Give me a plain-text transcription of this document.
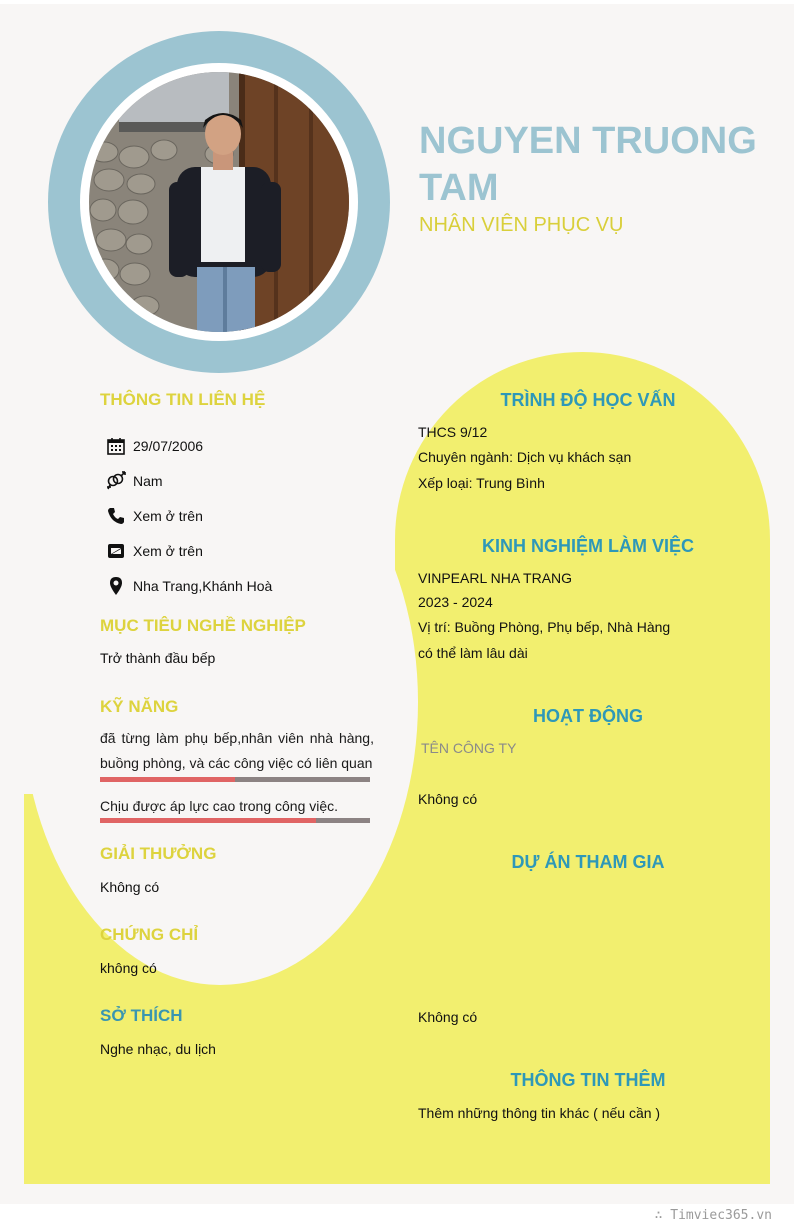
NGUYEN TRUONG TAM

NHÂN VIÊN PHỤC VỤ

THÔNG TIN LIÊN HỆ
29/07/2006
Nam
Xem ở trên
Xem ở trên
Nha Trang,Khánh Hoà
MỤC TIÊU NGHỀ NGHIỆP

Trở thành đầu bếp

KỸ NĂNG

đã từng làm phụ bếp,nhân viên nhà hàng, buồng phòng, và các công việc có liên quan

Chịu được áp lực cao trong công việc.

GIẢI THƯỞNG

Không có

CHỨNG CHỈ

không có

SỞ THÍCH

Nghe nhạc, du lịch

TRÌNH ĐỘ HỌC VẤN

THCS 9/12

Chuyên ngành: Dịch vụ khách sạn

Xếp loại: Trung Bình

KINH NGHIỆM LÀM VIỆC

VINPEARL NHA TRANG

2023 - 2024

Vị trí: Buồng Phòng, Phụ bếp, Nhà Hàng

có thể làm lâu dài

HOẠT ĐỘNG

TÊN CÔNG TY

Không có

DỰ ÁN THAM GIA

Không có

THÔNG TIN THÊM

Thêm những thông tin khác ( nếu cần )

∴ Timviec365.vn
